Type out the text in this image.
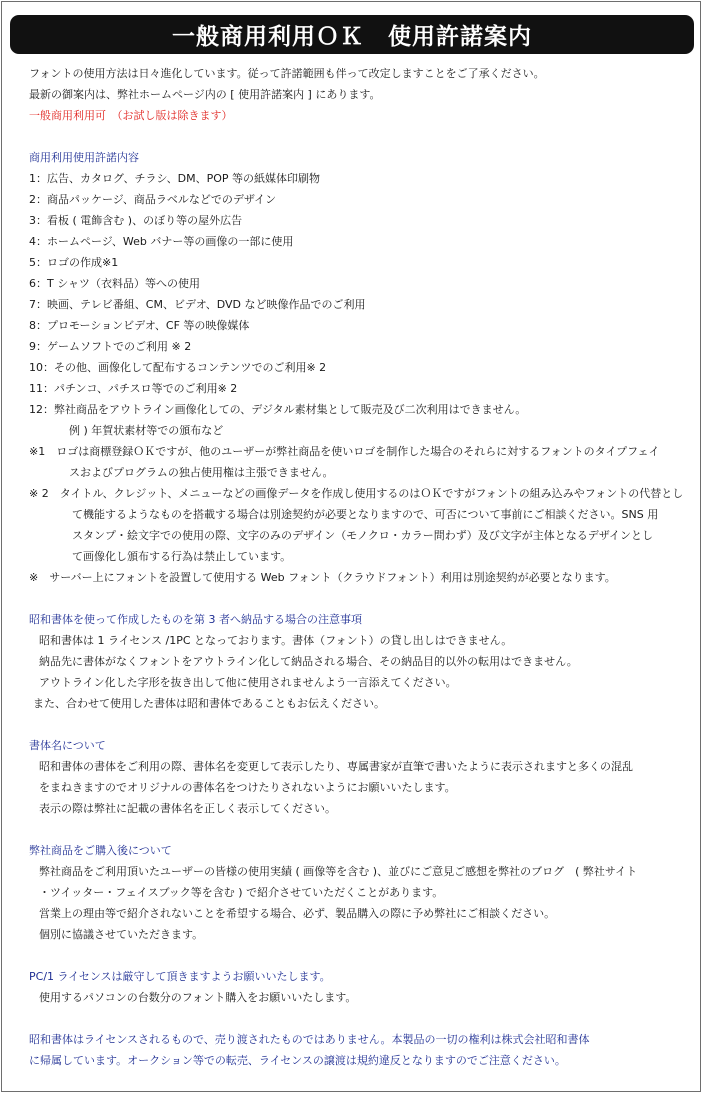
一般商用利用ＯＫ　使用許諾案内
フォントの使用方法は日々進化しています。従って許諾範囲も伴って改定しますことをご了承ください。
最新の御案内は、弊社ホームページ内の [ 使用許諾案内 ] にあります。
一般商用利用可　（お試し版は除きます）
商用利用使用許諾内容
1：広告、カタログ、チラシ、DM、POP 等の紙媒体印刷物
2：商品パッケージ、商品ラベルなどでのデザイン
3：看板 ( 電飾含む )、のぼり等の屋外広告
4：ホームページ、Web バナー等の画像の一部に使用
5：ロゴの作成※1
6：T シャツ（衣料品）等への使用
7：映画、テレビ番組、CM、ビデオ、DVD など映像作品でのご利用
8：プロモーションビデオ、CF 等の映像媒体
9：ゲームソフトでのご利用 ※ 2
10：その他、画像化して配布するコンテンツでのご利用※ 2
11：パチンコ、パチスロ等でのご利用※ 2
12：弊社商品をアウトライン画像化しての、デジタル素材集として販売及び二次利用はできません。
例 ) 年賀状素材等での頒布など
※1　ロゴは商標登録ＯＫですが、他のユーザーが弊社商品を使いロゴを制作した場合のそれらに対するフォントのタイプフェイ
スおよびプログラムの独占使用権は主張できません。
※ 2　タイトル、クレジット、メニューなどの画像データを作成し使用するのはＯＫですがフォントの組み込みやフォントの代替とし
て機能するようなものを搭載する場合は別途契約が必要となりますので、可否について事前にご相談ください。SNS 用
スタンプ・絵文字での使用の際、文字のみのデザイン（モノクロ・カラー問わず）及び文字が主体となるデザインとし
て画像化し頒布する行為は禁止しています。
※　サーバー上にフォントを設置して使用する Web フォント（クラウドフォント）利用は別途契約が必要となります。
昭和書体を使って作成したものを第 3 者へ納品する場合の注意事項
昭和書体は 1 ライセンス /1PC となっております。書体（フォント）の貸し出しはできません。
納品先に書体がなくフォントをアウトライン化して納品される場合、その納品目的以外の転用はできません。
アウトライン化した字形を抜き出して他に使用されませんよう一言添えてください。
また、合わせて使用した書体は昭和書体であることもお伝えください。
書体名について
昭和書体の書体をご利用の際、書体名を変更して表示したり、専属書家が直筆で書いたように表示されますと多くの混乱
をまねきますのでオリジナルの書体名をつけたりされないようにお願いいたします。
表示の際は弊社に記載の書体名を正しく表示してください。
弊社商品をご購入後について
弊社商品をご利用頂いたユーザーの皆様の使用実績 ( 画像等を含む )、並びにご意見ご感想を弊社のブログ　( 弊社サイト
・ツイッター・フェイスブック等を含む ) で紹介させていただくことがあります。
営業上の理由等で紹介されないことを希望する場合、必ず、製品購入の際に予め弊社にご相談ください。
個別に協議させていただきます。
PC/1 ライセンスは厳守して頂きますようお願いいたします。
使用するパソコンの台数分のフォント購入をお願いいたします。
昭和書体はライセンスされるもので、売り渡されたものではありません。本製品の一切の権利は株式会社昭和書体
に帰属しています。オークション等での転売、ライセンスの譲渡は規約違反となりますのでご注意ください。
